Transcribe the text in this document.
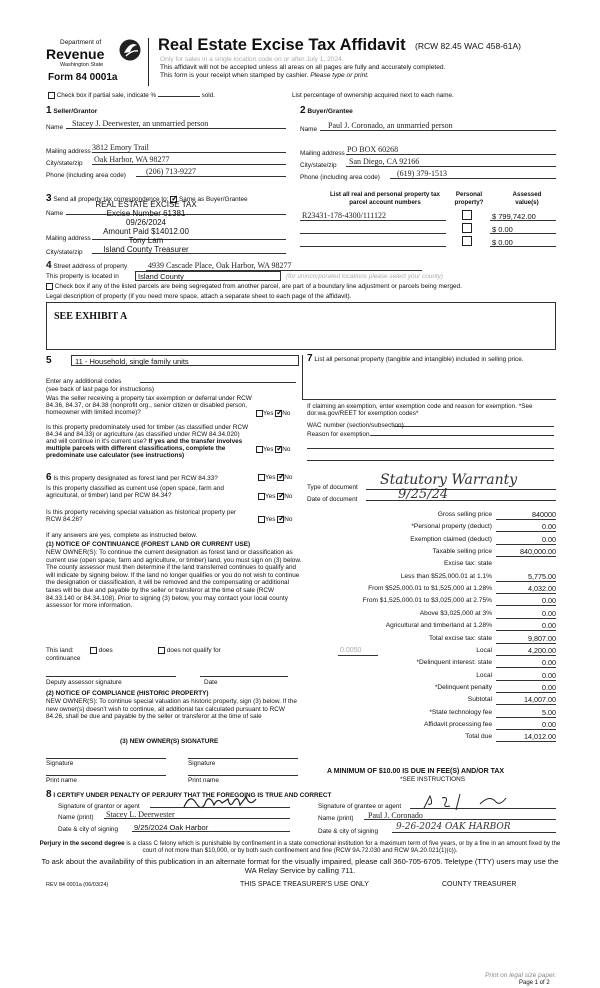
Department of
Revenue
Washington State
Form 84 0001a
Real Estate Excise Tax Affidavit (RCW 82.45 WAC 458-61A)
Only for sales in a single location code on or after July 1, 2024.
This affidavit will not be accepted unless all areas on all pages are fully and accurately completed.
This form is your receipt when stamped by cashier. Please type or print.
Check box if partial sale, indicate %	sold.	List percentage of ownership acquired next to each name.
1 Seller/Grantor
Name Stacey J. Deerwester, an unmarried person
Mailing address 3812 Emory Trail
City/state/zip Oak Harbor, WA 98277
Phone (including area code)	(206) 713-9227
2 Buyer/Grantee
Name Paul J. Coronado, an unmarried person
Mailing address PO BOX 60268
City/state/zip San Diego, CA 92166
Phone (including area code) (619) 379-1513
3 Send all property tax correspondence to: ✓ Same as Buyer/Grantee
Name
Mailing address
City/state/zip
REAL ESTATE EXCISE TAX
Excise Number 61381
09/26/2024
Amount Paid $14012.00
Tony Lam
Island County Treasurer
List all real and personal property tax
parcel account numbers
Personal
property?
Assessed
value(s)
R23431-178-4300/111122	$ 799,742.00
$ 0.00
$ 0.00
4 Street address of property	4939 Cascade Place, Oak Harbor, WA 98277
This property is located in	Island County	(for unincorporated locations please select your county)
Check box if any of the listed parcels are being segregated from another parcel, are part of a boundary line adjustment or parcels being merged.
Legal description of property (if you need more space, attach a separate sheet to each page of the affidavit).
SEE EXHIBIT A
5	11 - Household, single family units
Enter any additional codes
(see back of last page for instructions)
Was the seller receiving a property tax exemption or deferral under RCW 84.36, 84.37, or 84.38 (nonprofit org., senior citizen or disabled person, homeowner with limited income)?	Yes ✓ No
Is this property predominately used for timber (as classified under RCW 84.34 and 84.33) or agriculture (as classified under RCW 84.34.020) and will continue in it's current use? If yes and the transfer involves multiple parcels with different classifications, complete the predominate use calculator (see instructions)
Yes ✓ No
6 Is this property designated as forest land per RCW 84.33?	Yes ✓ No
Is this property classified as current use (open space, farm and agricultural, or timber) land per RCW 84.34?	Yes ✓ No
Is this property receiving special valuation as historical property per RCW 84.26?	Yes ✓ No
If any answers are yes, complete as instructed below.
(1) NOTICE OF CONTINUANCE (FOREST LAND OR CURRENT USE)
NEW OWNER(S): To continue the current designation as forest land or classification as current use (open space, farm and agriculture, or timber) land, you must sign on (3) below. The county assessor must then determine if the land transferred continues to qualify and will indicate by signing below. If the land no longer qualifies or you do not wish to continue the designation or classification, it will be removed and the compensating or additional taxes will be due and payable by the seller or transferor at the time of sale (RCW 84.33.140 or 84.34.108). Prior to signing (3) below, you may contact your local county assessor for more information.
This land:	does	does not qualify for
continuance
Deputy assessor signature	Date
(2) NOTICE OF COMPLIANCE (HISTORIC PROPERTY)
NEW OWNER(S): To continue special valuation as historic property, sign (3) below. If the new owner(s) doesn't wish to continue, all additional tax calculated pursuant to RCW 84.26, shall be due and payable by the seller or transferor at the time of sale
(3) NEW OWNER(S) SIGNATURE
Signature	Signature
Print name	Print name
7 List all personal property (tangible and intangible) included in selling price.
If claiming an exemption, enter exemption code and reason for exemption. *See dor.wa.gov/REET for exemption codes*
WAC number (section/subsection)
Reason for exemption
Type of document Statutory Warranty
Date of document	9/25/24
Gross selling price	840000
*Personal property (deduct)	0.00
Exemption claimed (deduct)	0.00
Taxable selling price	840,000.00
Excise tax: state
Less than $525,000.01 at 1.1%	5,775.00
From $525,000.01 to $1,525,000 at 1.28%	4,032.00
From $1,525,000.01 to $3,025,000 at 2.75%	0.00
Above $3,025,000 at 3%	0.00
Agricultural and timberland at 1.28%	0.00
Total excise tax: state	9,807.00
Local
0.0050	4,200.00
*Delinquent interest: state	0.00
Local	0.00
*Delinquent penalty	0.00
Subtotal	14,007.00
*State technology fee	5.00
Affidavit processing fee	0.00
Total due	14,012.00
A MINIMUM OF $10.00 IS DUE IN FEE(S) AND/OR TAX
*SEE INSTRUCTIONS
8 I CERTIFY UNDER PENALTY OF PERJURY THAT THE FOREGOING IS TRUE AND CORRECT
Signature of grantor or agent
Name (print) Stacey L. Deerwester
Date & city of signing 9/25/2024 Oak Harbor
Signature of grantee or agent
Name (print) Paul J. Coronado
Date & city of signing 9-26-2024 OAK HARBOR
Perjury in the second degree is a class C felony which is punishable by confinement in a state correctional institution for a maximum term of five years, or by a fine in an amount fixed by the court of not more than $10,000, or by both such confinement and fine (RCW 9A.72.030 and RCW 9A.20.021(1)(c)).
To ask about the availability of this publication in an alternate format for the visually impaired, please call 360-705-6705. Teletype (TTY) users may use the WA Relay Service by calling 711.
REV 84 0001a (06/03/24)	THIS SPACE TREASURER'S USE ONLY	COUNTY TREASURER
Print on legal size paper.
Page 1 of 2
